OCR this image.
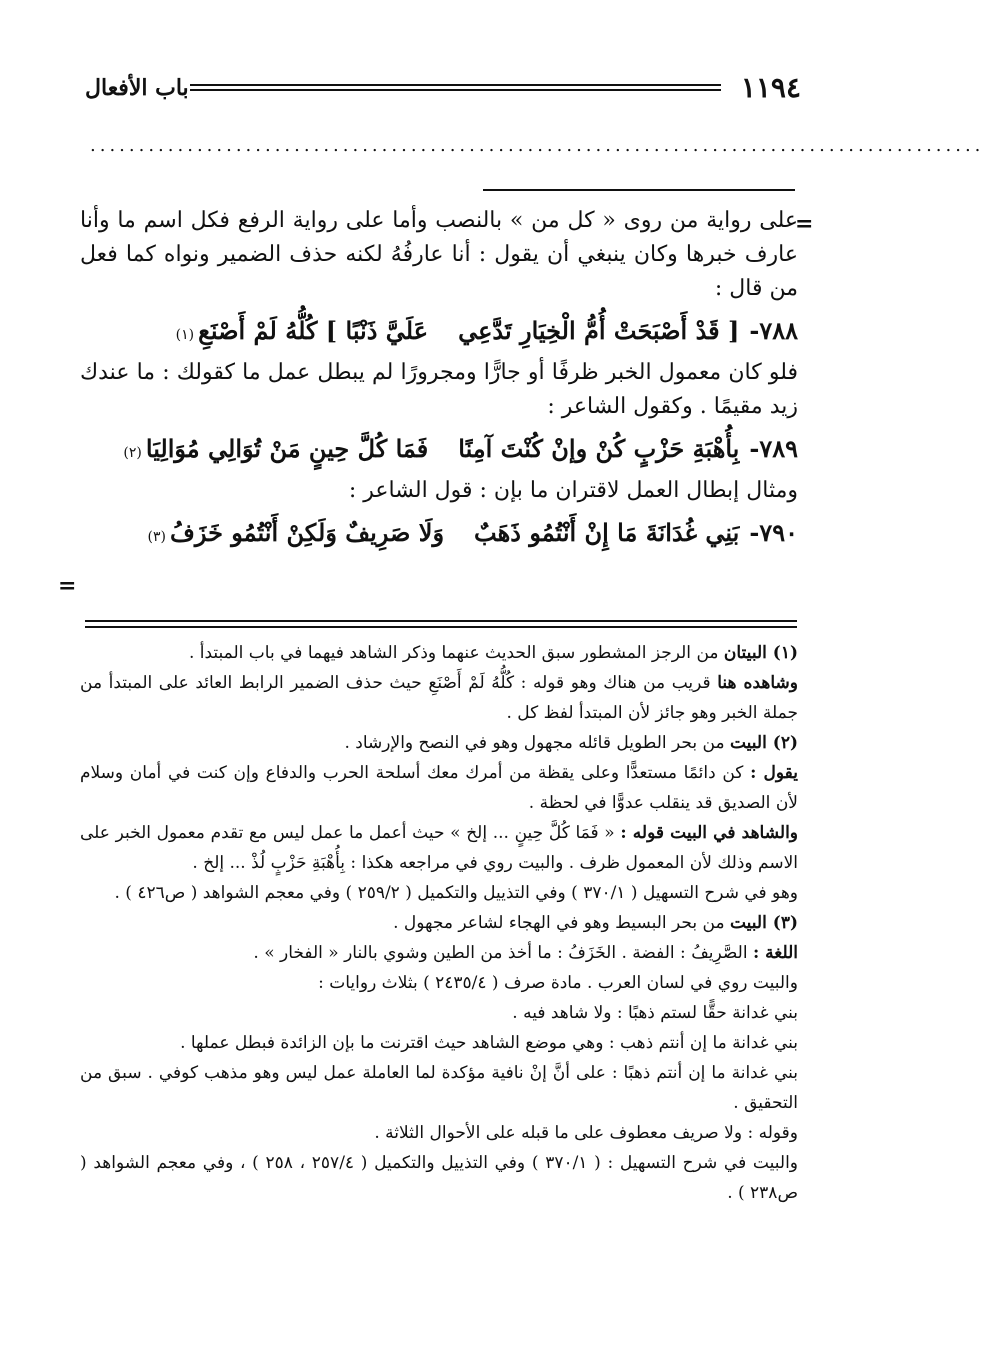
١١٩٤
باب الأفعال
............................................................................................
=

على رواية من روى « كل من » بالنصب وأما على رواية الرفع فكل اسم ما وأنا عارف خبرها وكان ينبغي أن يقول : أنا عارفُهُ لكنه حذف الضمير ونواه كما فعل من قال :

٧٨٨-
[ قَدْ أَصْبَحَتْ أُمُّ الْخِيَارِ تَدَّعِي
عَلَيَّ ذَنْبًا ] كُلُّهُ لَمْ أَصْنَعِ
(١)

فلو كان معمول الخبر ظرفًا أو جارًّا ومجرورًا لم يبطل عمل ما كقولك : ما عندك زيد مقيمًا . وكقول الشاعر :

٧٨٩-
بِأُهْبَةِ حَزْبٍ كُنْ وإنْ كُنْتَ آمِنًا
فَمَا كُلَّ حِينٍ مَنْ تُوَالِي مُوَالِيَا
(٢)

ومثال إبطال العمل لاقتران ما بإن : قول الشاعر :

٧٩٠-
بَنِي غُدَانَةَ مَا إِنْ أَنْتُمُو ذَهَبٌ
وَلَا صَرِيفٌ وَلَكِنْ أَنْتُمُو خَزَفُ
(٣)
=

(١) البيتان من الرجز المشطور سبق الحديث عنهما وذكر الشاهد فيهما في باب المبتدأ .

وشاهده هنا قريب من هناك وهو قوله : كُلُّهُ لَمْ أَصْنَعِ حيث حذف الضمير الرابط العائد على المبتدأ من جملة الخبر وهو جائز لأن المبتدأ لفظ كل .

(٢) البيت من بحر الطويل قائله مجهول وهو في النصح والإرشاد .

يقول : كن دائمًا مستعدًّا وعلى يقظة من أمرك معك أسلحة الحرب والدفاع وإن كنت في أمان وسلام لأن الصديق قد ينقلب عدوًّا في لحظة .

والشاهد في البيت قوله : « فَمَا كُلَّ حِينٍ ... إلخ » حيث أعمل ما عمل ليس مع تقدم معمول الخبر على الاسم وذلك لأن المعمول ظرف . والبيت روي في مراجعه هكذا : بِأُهْبَةِ حَزْبٍ لُذْ ... إلخ .

وهو في شرح التسهيل ( ٣٧٠/١ ) وفي التذييل والتكميل ( ٢٥٩/٢ ) وفي معجم الشواهد ( ص٤٢٦ ) .

(٣) البيت من بحر البسيط وهو في الهجاء لشاعر مجهول .

اللغة : الصَّرِيفُ : الفضة . الخَزَفُ : ما أخذ من الطين وشوي بالنار « الفخار » .

والبيت روي في لسان العرب . مادة صرف ( ٢٤٣٥/٤ ) بثلاث روايات :

بني غدانة حقًّا لستم ذهبًا : ولا شاهد فيه .

بني غدانة ما إن أنتم ذهب : وهي موضع الشاهد حيث اقترنت ما بإن الزائدة فبطل عملها .

بني غدانة ما إن أنتم ذهبًا : على أنَّ إنْ نافية مؤكدة لما العاملة عمل ليس وهو مذهب كوفي . سبق من التحقيق .

وقوله : ولا صريف معطوف على ما قبله على الأحوال الثلاثة .

والبيت في شرح التسهيل : ( ٣٧٠/١ ) وفي التذييل والتكميل ( ٢٥٧/٤ ، ٢٥٨ ) ، وفي معجم الشواهد ( ص٢٣٨ ) .
